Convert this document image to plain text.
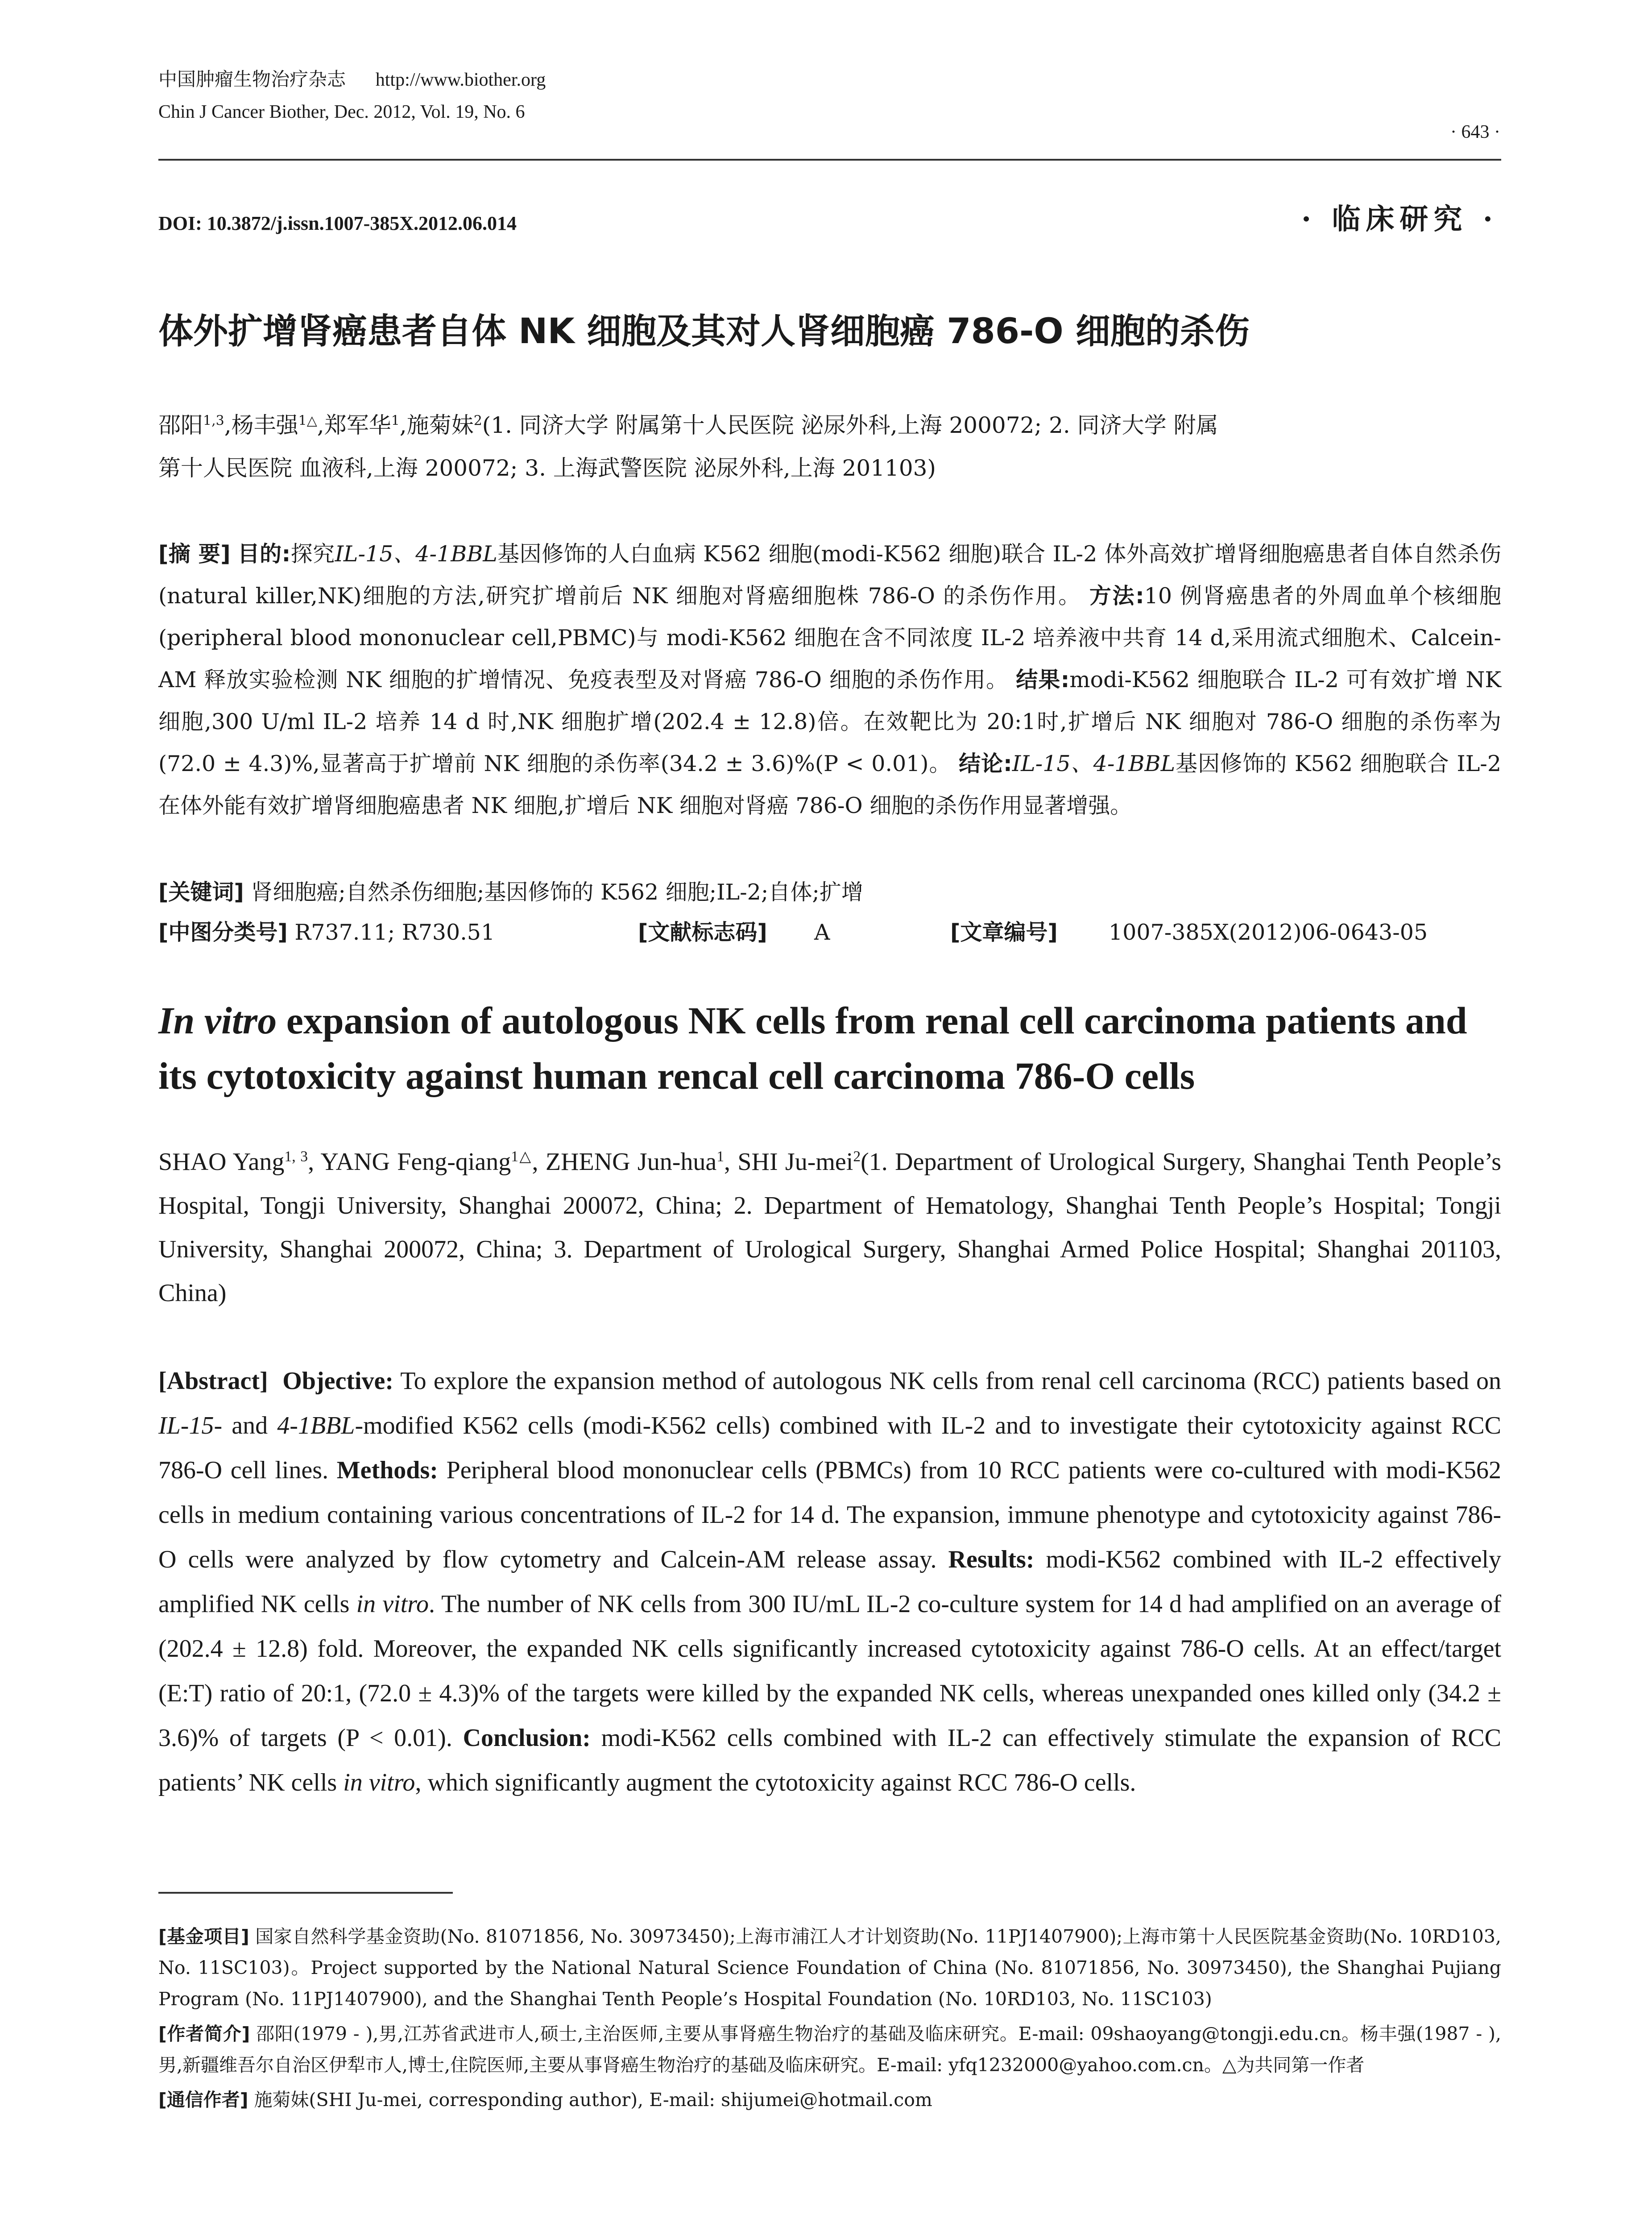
中国肿瘤生物治疗杂志 http://www.biother.org
Chin J Cancer Biother, Dec. 2012, Vol. 19, No. 6
· 643 ·
DOI: 10.3872/j.issn.1007-385X.2012.06.014	· 临床研究 ·
体外扩增肾癌患者自体 NK 细胞及其对人肾细胞癌 786-O 细胞的杀伤
邵阳$^{1,3}$,杨丰强$^{1\triangle}$,郑军华$^1$,施菊妹$^2$(1. 同济大学 附属第十人民医院 泌尿外科,上海 200072; 2. 同济大学 附属
第十人民医院 血液科,上海 200072; 3. 上海武警医院 泌尿外科,上海 201103)
[摘 要] 目的:探究IL-15、4-1BBL基因修饰的人白血病 K562 细胞(modi-K562 细胞)联合 IL-2 体外高效扩增肾细胞癌患者自体自然杀伤(natural killer,NK)细胞的方法,研究扩增前后 NK 细胞对肾癌细胞株 786-O 的杀伤作用。 方法:10 例肾癌患者的外周血单个核细胞(peripheral blood mononuclear cell,PBMC)与 modi-K562 细胞在含不同浓度 IL-2 培养液中共育 14 d,采用流式细胞术、Calcein-AM 释放实验检测 NK 细胞的扩增情况、免疫表型及对肾癌 786-O 细胞的杀伤作用。 结果:modi-K562 细胞联合 IL-2 可有效扩增 NK 细胞,300 U/ml IL-2 培养 14 d 时,NK 细胞扩增(202.4 ± 12.8)倍。在效靶比为 20:1时,扩增后 NK 细胞对 786-O 细胞的杀伤率为(72.0 ± 4.3)%,显著高于扩增前 NK 细胞的杀伤率(34.2 ± 3.6)%(P < 0.01)。 结论:IL-15、4-1BBL基因修饰的 K562 细胞联合 IL-2 在体外能有效扩增肾细胞癌患者 NK 细胞,扩增后 NK 细胞对肾癌 786-O 细胞的杀伤作用显著增强。
[关键词] 肾细胞癌;自然杀伤细胞;基因修饰的 K562 细胞;IL-2;自体;扩增
[中图分类号] R737.11; R730.51	[文献标志码] A	[文章编号] 1007-385X(2012)06-0643-05
In vitro expansion of autologous NK cells from renal cell carcinoma patients and
its cytotoxicity against human rencal cell carcinoma 786-O cells
SHAO Yang$^{1, 3}$, YANG Feng-qiang$^{1\triangle}$, ZHENG Jun-hua$^1$, SHI Ju-mei$^2$(1. Department of Urological Surgery, Shanghai Tenth People’s Hospital, Tongji University, Shanghai 200072, China; 2. Department of Hematology, Shanghai Tenth People’s Hospital; Tongji University, Shanghai 200072, China; 3. Department of Urological Surgery, Shanghai Armed Police Hospital; Shanghai 201103, China)
[Abstract] Objective: To explore the expansion method of autologous NK cells from renal cell carcinoma (RCC) patients based on IL-15- and 4-1BBL-modified K562 cells (modi-K562 cells) combined with IL-2 and to investigate their cytotoxicity against RCC 786-O cell lines. Methods: Peripheral blood mononuclear cells (PBMCs) from 10 RCC patients were co-cultured with modi-K562 cells in medium containing various concentrations of IL-2 for 14 d. The expansion, immune phenotype and cytotoxicity against 786-O cells were analyzed by flow cytometry and Calcein-AM release assay. Results: modi-K562 combined with IL-2 effectively amplified NK cells in vitro. The number of NK cells from 300 IU/mL IL-2 co-culture system for 14 d had amplified on an average of (202.4 ± 12.8) fold. Moreover, the expanded NK cells significantly increased cytotoxicity against 786-O cells. At an effect/target (E:T) ratio of 20:1, (72.0 ± 4.3)% of the targets were killed by the expanded NK cells, whereas unexpanded ones killed only (34.2 ± 3.6)% of targets (P < 0.01). Conclusion: modi-K562 cells combined with IL-2 can effectively stimulate the expansion of RCC patients’ NK cells in vitro, which significantly augment the cytotoxicity against RCC 786-O cells.
[基金项目] 国家自然科学基金资助(No. 81071856, No. 30973450);上海市浦江人才计划资助(No. 11PJ1407900);上海市第十人民医院基金资助(No. 10RD103, No. 11SC103)。Project supported by the National Natural Science Foundation of China (No. 81071856, No. 30973450), the Shanghai Pujiang Program (No. 11PJ1407900), and the Shanghai Tenth People’s Hospital Foundation (No. 10RD103, No. 11SC103)
[作者简介] 邵阳(1979 - ),男,江苏省武进市人,硕士,主治医师,主要从事肾癌生物治疗的基础及临床研究。E-mail: 09shaoyang@tongji.edu.cn。杨丰强(1987 - ),男,新疆维吾尔自治区伊犁市人,博士,住院医师,主要从事肾癌生物治疗的基础及临床研究。E-mail: yfq1232000@yahoo.com.cn。△为共同第一作者
[通信作者] 施菊妹(SHI Ju-mei, corresponding author), E-mail: shijumei@hotmail.com
